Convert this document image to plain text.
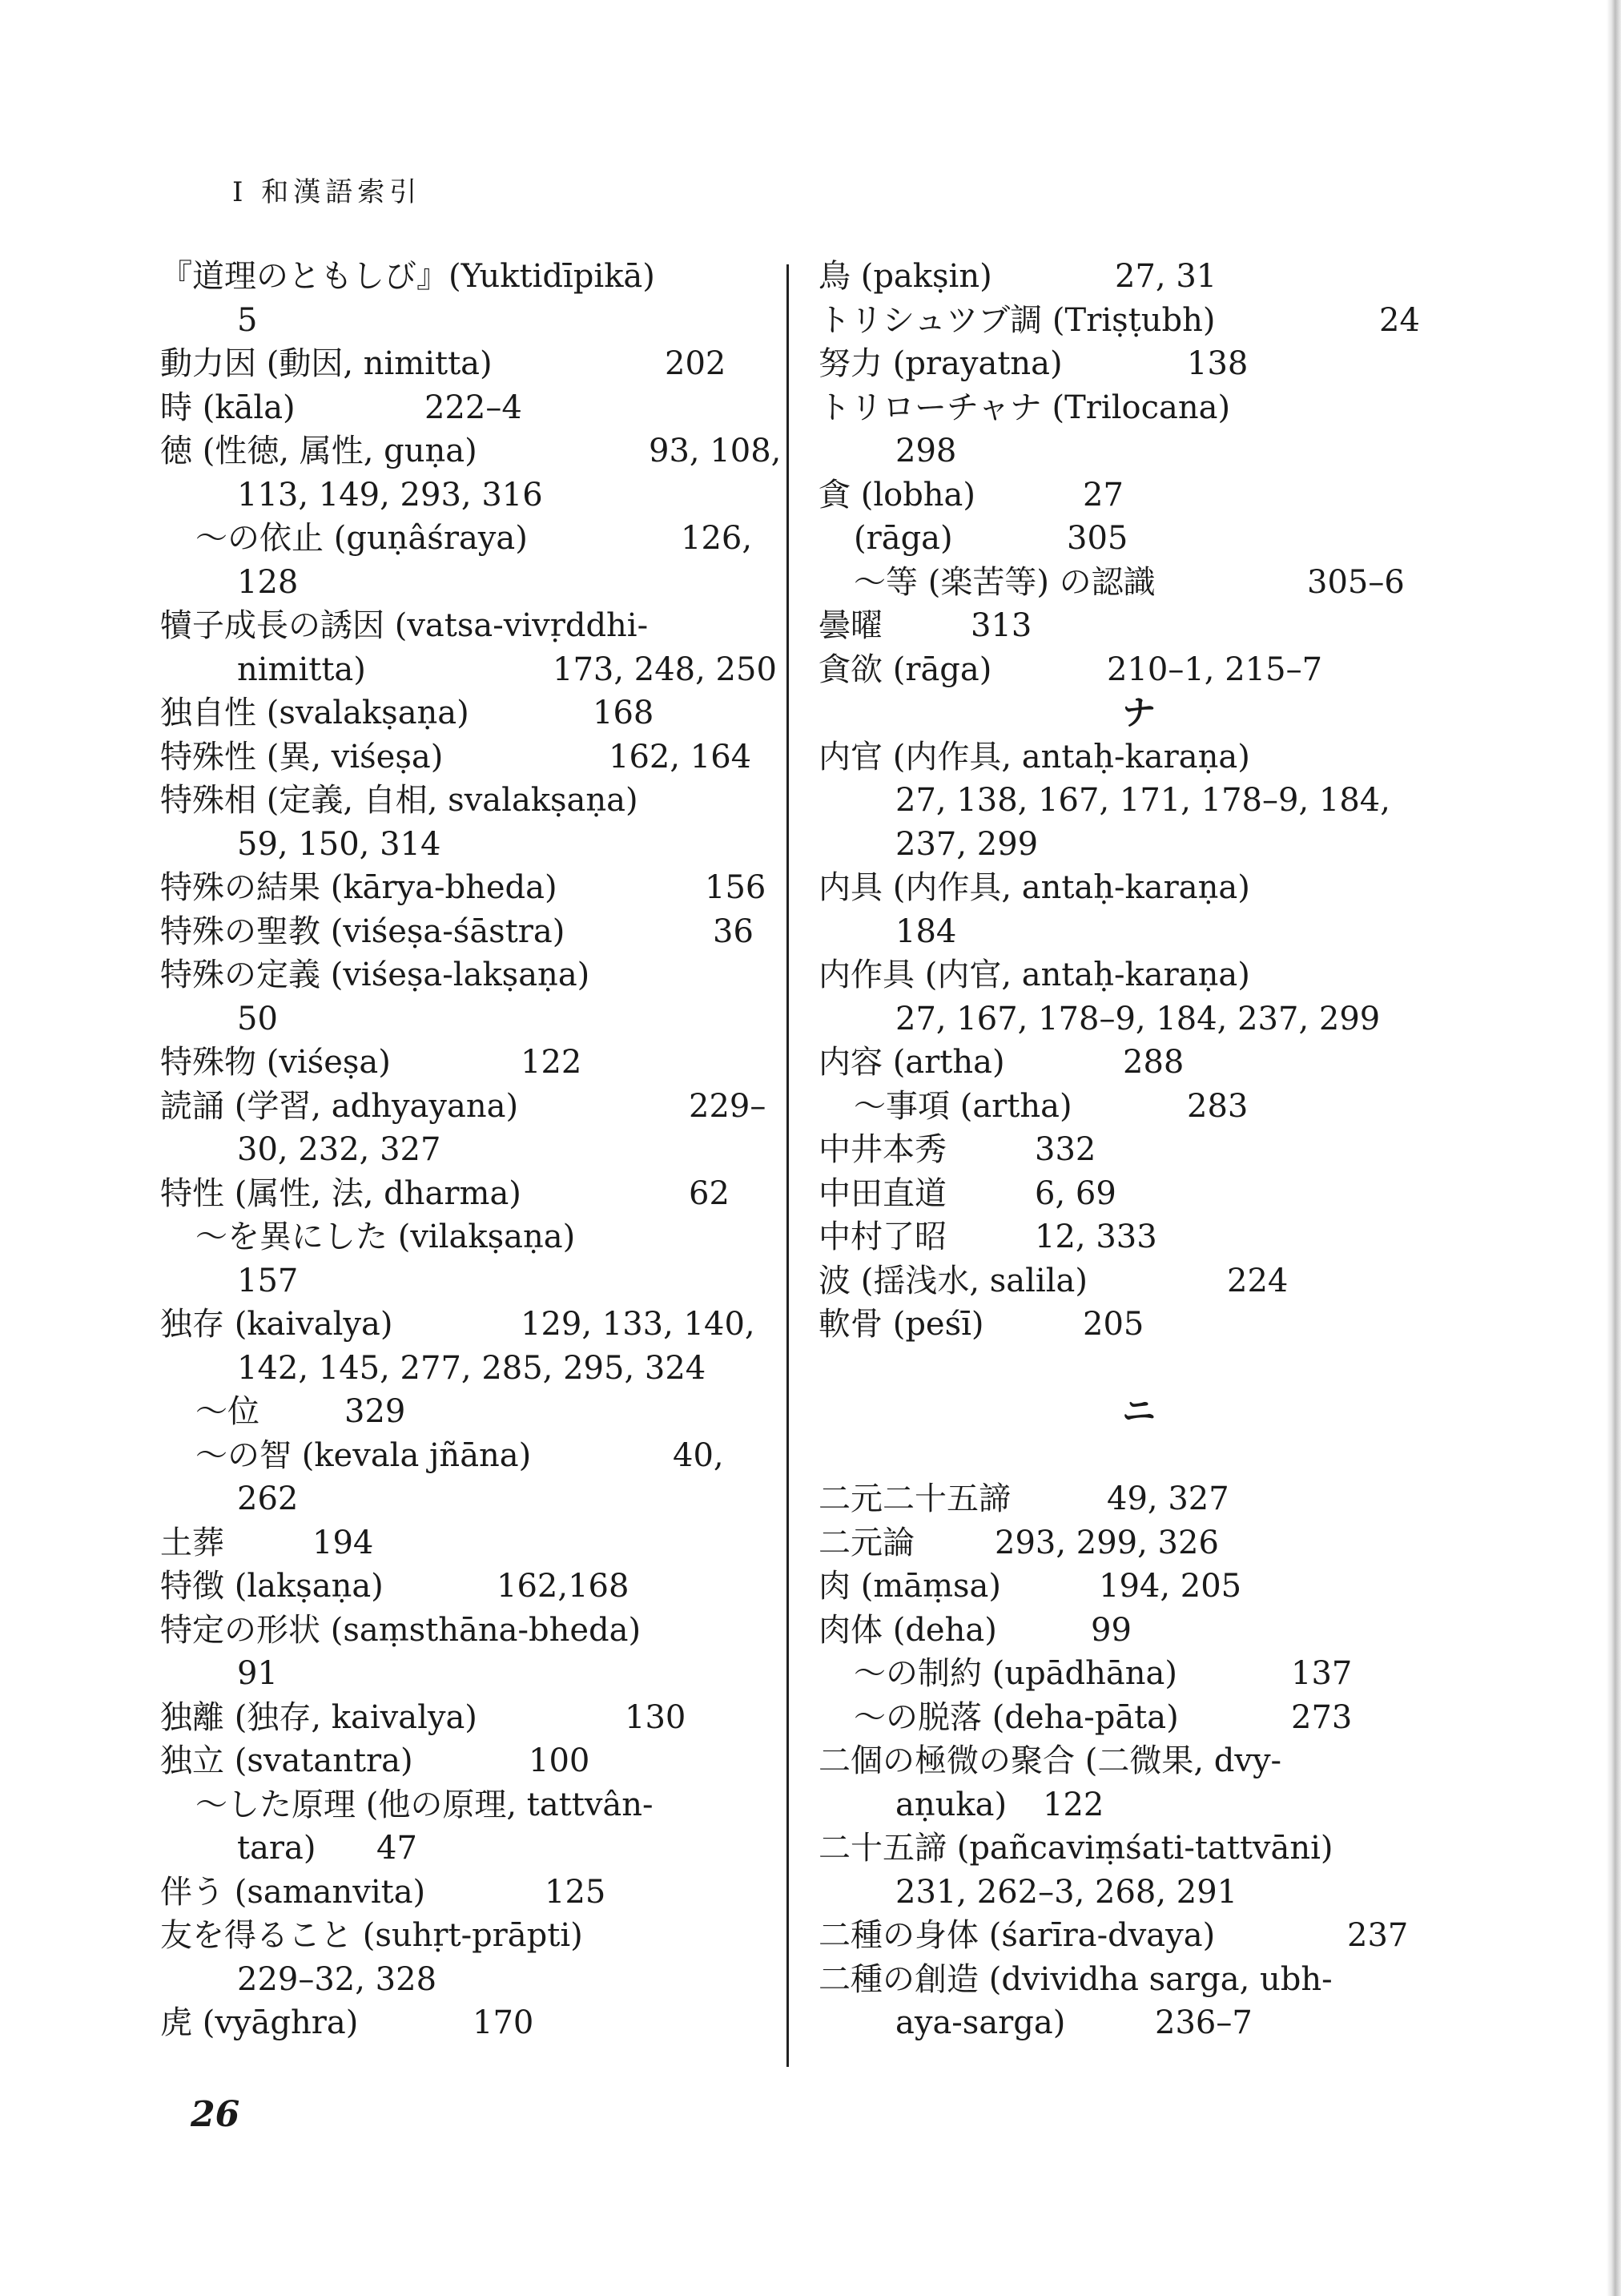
Ⅰ 和漢語索引
『道理のともしび』(Yuktidīpikā)
5
動力因 (動因, nimitta)	202
時 (kāla)	222–4
徳 (性徳, 属性, guṇa)	93, 108,
113, 149, 293, 316
～の依止 (guṇâśraya)	126,
128
犢子成長の誘因 (vatsa-vivṛddhi-
nimitta)	173, 248, 250
独自性 (svalakṣaṇa)	168
特殊性 (異, viśeṣa)	162, 164
特殊相 (定義, 自相, svalakṣaṇa)
59, 150, 314
特殊の結果 (kārya-bheda)	156
特殊の聖教 (viśeṣa-śāstra)	36
特殊の定義 (viśeṣa-lakṣaṇa)
50
特殊物 (viśeṣa)	122
読誦 (学習, adhyayana)	229–
30, 232, 327
特性 (属性, 法, dharma)	62
～を異にした (vilakṣaṇa)
157
独存 (kaivalya)	129, 133, 140,
142, 145, 277, 285, 295, 324
～位	329
～の智 (kevala jñāna)	40,
262
土葬	194
特徴 (lakṣaṇa)	162,168
特定の形状 (saṃsthāna-bheda)
91
独離 (独存, kaivalya)	130
独立 (svatantra)	100
～した原理 (他の原理, tattvân-
tara) 47
伴う (samanvita)	125
友を得ること (suhṛt-prāpti)
229–32, 328
虎 (vyāghra)	170
鳥 (pakṣin)	27, 31
トリシュツブ調 (Triṣṭubh)	24
努力 (prayatna)	138
トリローチャナ (Trilocana)
298
貪 (lobha)	27
(rāga)	305
～等 (楽苦等) の認識	305–6
曇曜	313
貪欲 (rāga)	210–1, 215–7
ナ
内官 (内作具, antaḥ-karaṇa)
27, 138, 167, 171, 178–9, 184,
237, 299
内具 (内作具, antaḥ-karaṇa)
184
内作具 (内官, antaḥ-karaṇa)
27, 167, 178–9, 184, 237, 299
内容 (artha)	288
～事項 (artha)	283
中井本秀	332
中田直道	6, 69
中村了昭	12, 333
波 (揺浅水, salila)	224
軟骨 (peśī)	205
ニ
二元二十五諦	49, 327
二元論	293, 299, 326
肉 (māṃsa)	194, 205
肉体 (deha)	99
～の制約 (upādhāna)	137
～の脱落 (deha-pāta)	273
二個の極微の聚合 (二微果, dvy-
aṇuka) 122
二十五諦 (pañcaviṃśati-tattvāni)
231, 262–3, 268, 291
二種の身体 (śarīra-dvaya)	237
二種の創造 (dvividha sarga, ubh-
aya-sarga)	236–7
26
